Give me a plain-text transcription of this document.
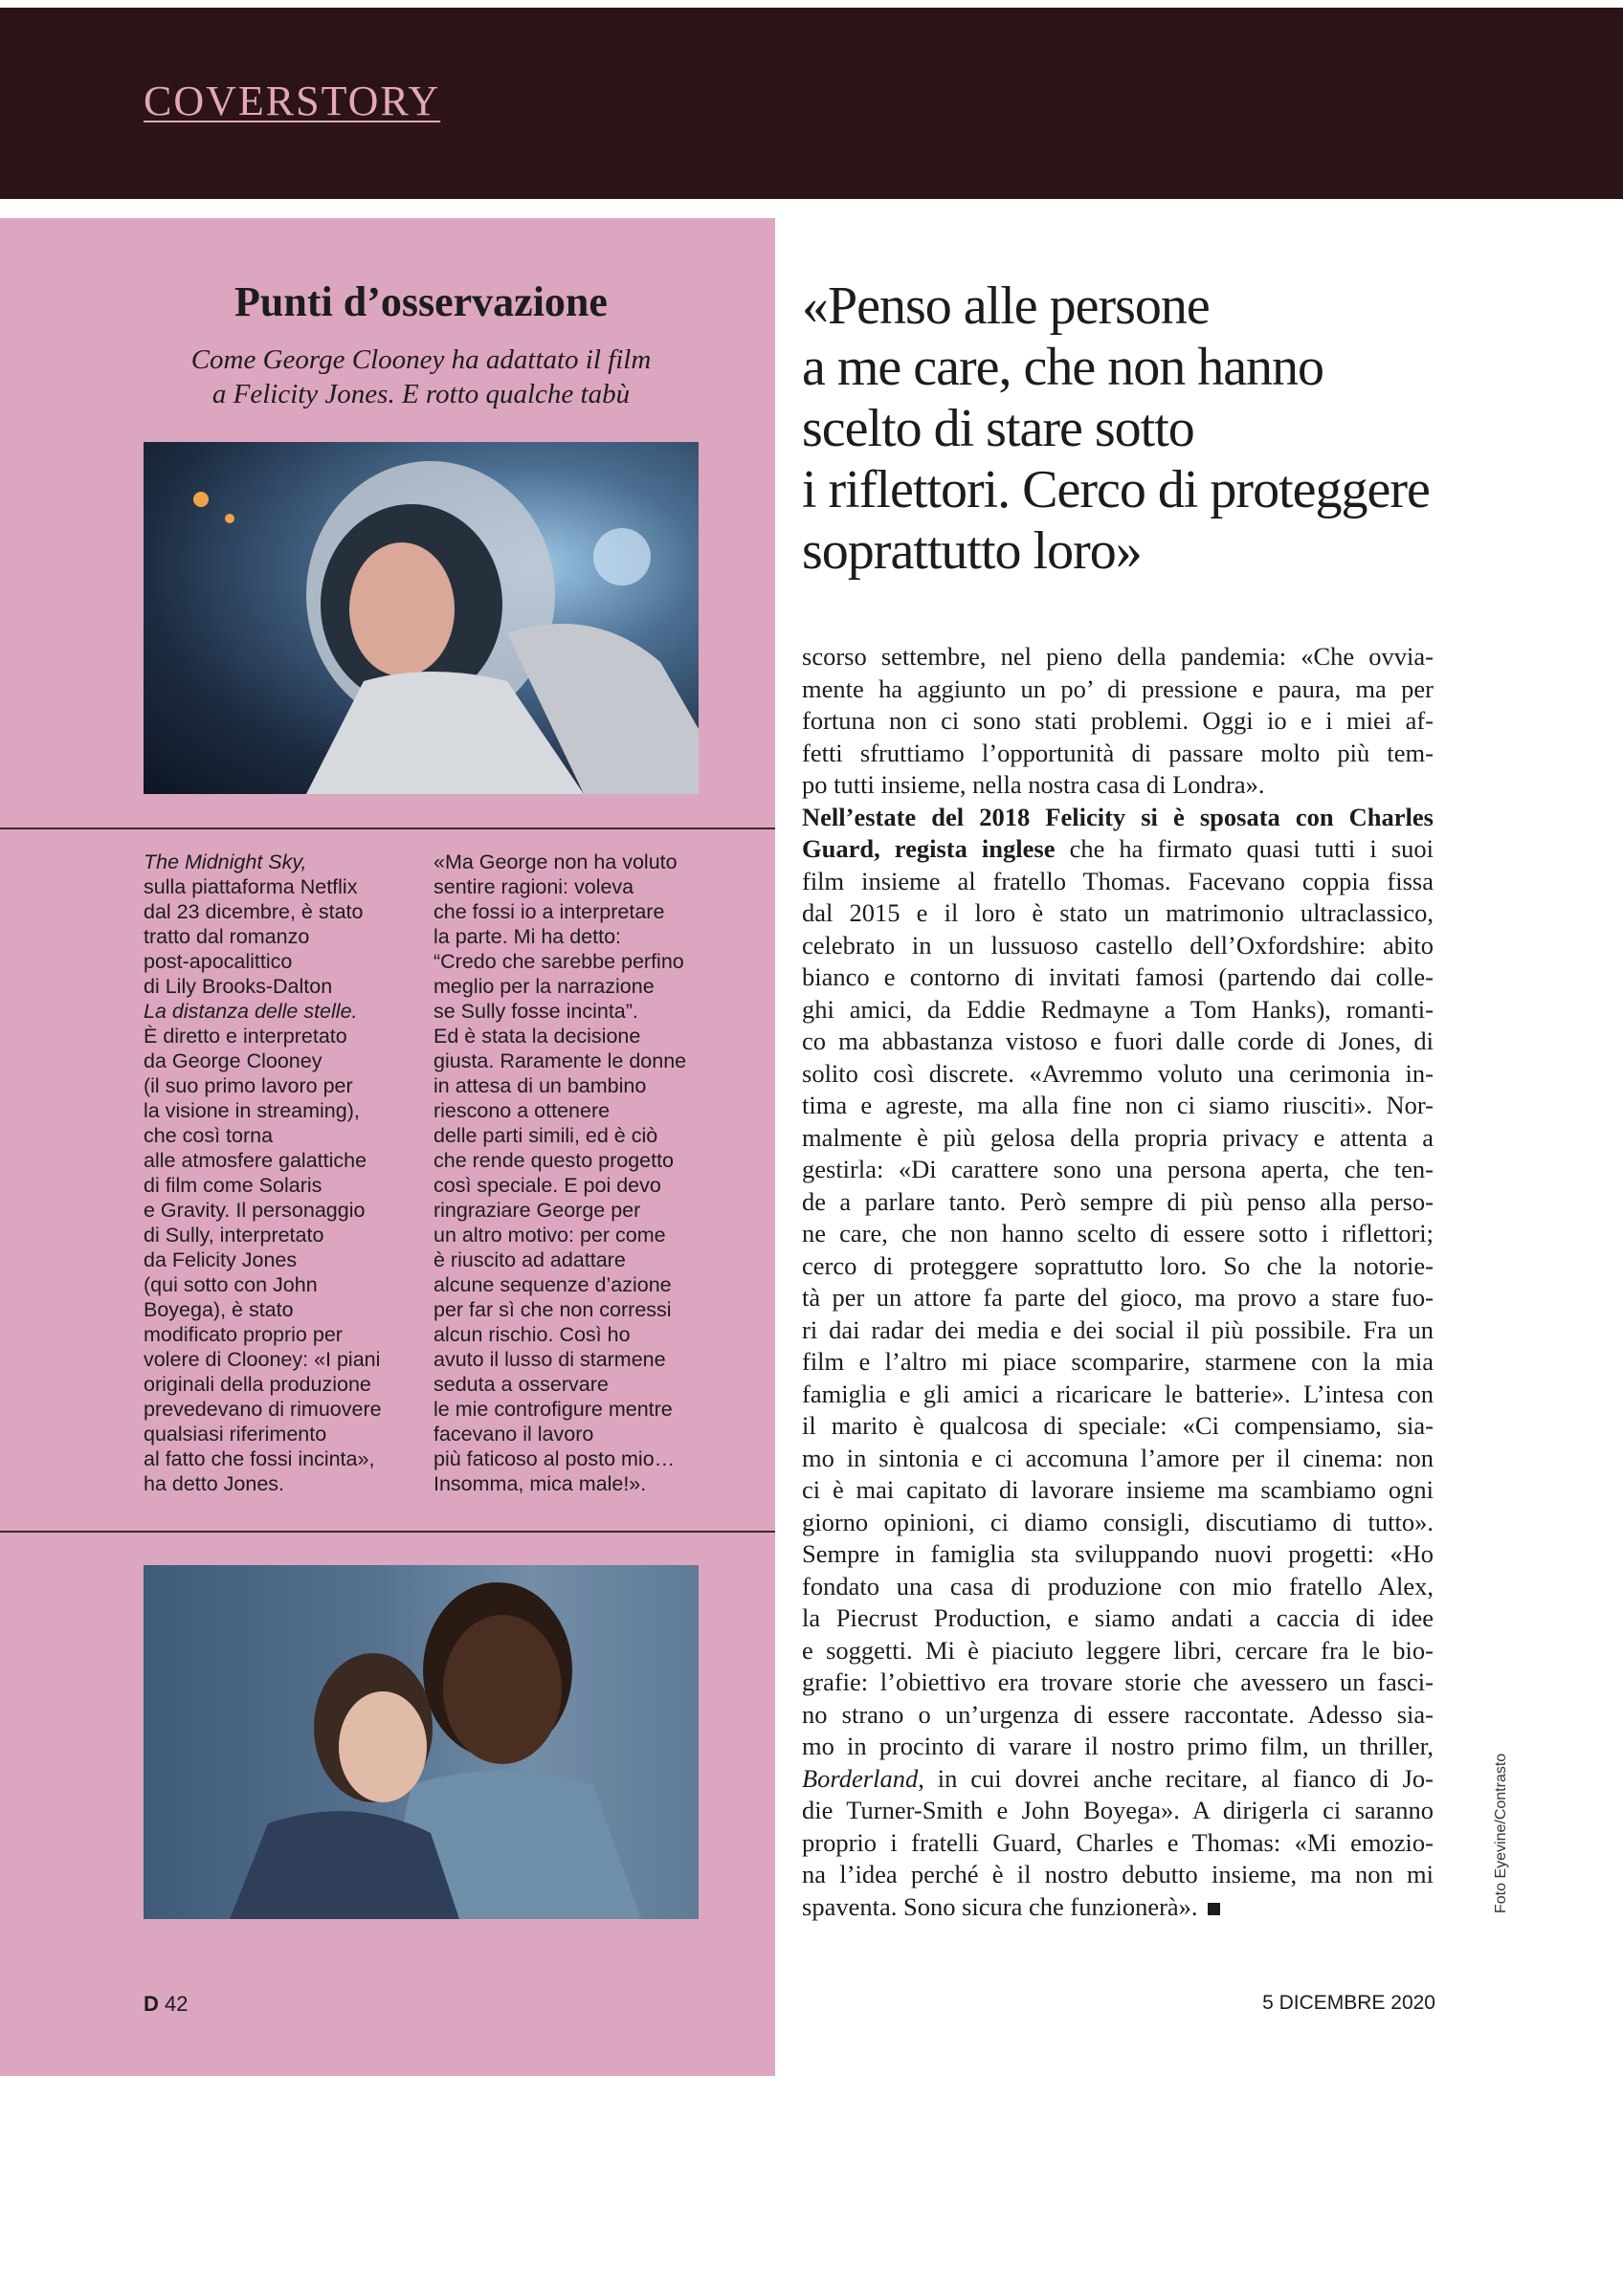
COVERSTORY
Punti d’osservazione
Come George Clooney ha adattato il film
a Felicity Jones. E rotto qualche tabù
The Midnight Sky,
sulla piattaforma Netflix
dal 23 dicembre, è stato
tratto dal romanzo
post-apocalittico
di Lily Brooks-Dalton
La distanza delle stelle.
È diretto e interpretato
da George Clooney
(il suo primo lavoro per
la visione in streaming),
che così torna
alle atmosfere galattiche
di film come Solaris
e Gravity. Il personaggio
di Sully, interpretato
da Felicity Jones
(qui sotto con John
Boyega), è stato
modificato proprio per
volere di Clooney: «I piani
originali della produzione
prevedevano di rimuovere
qualsiasi riferimento
al fatto che fossi incinta»,
ha detto Jones.
«Ma George non ha voluto
sentire ragioni: voleva
che fossi io a interpretare
la parte. Mi ha detto:
“Credo che sarebbe perfino
meglio per la narrazione
se Sully fosse incinta”.
Ed è stata la decisione
giusta. Raramente le donne
in attesa di un bambino
riescono a ottenere
delle parti simili, ed è ciò
che rende questo progetto
così speciale. E poi devo
ringraziare George per
un altro motivo: per come
è riuscito ad adattare
alcune sequenze d’azione
per far sì che non corressi
alcun rischio. Così ho
avuto il lusso di starmene
seduta a osservare
le mie controfigure mentre
facevano il lavoro
più faticoso al posto mio…
Insomma, mica male!».
«Penso alle persone
a me care, che non hanno
scelto di stare sotto
i riflettori. Cerco di proteggere
soprattutto loro»
scorso settembre, nel pieno della pandemia: «Che ovvia-
mente ha aggiunto un po’ di pressione e paura, ma per
fortuna non ci sono stati problemi. Oggi io e i miei af-
fetti sfruttiamo l’opportunità di passare molto più tem-
po tutti insieme, nella nostra casa di Londra».
Nell’estate del 2018 Felicity si è sposata con Charles
Guard, regista inglese che ha firmato quasi tutti i suoi
film insieme al fratello Thomas. Facevano coppia fissa
dal 2015 e il loro è stato un matrimonio ultraclassico,
celebrato in un lussuoso castello dell’Oxfordshire: abito
bianco e contorno di invitati famosi (partendo dai colle-
ghi amici, da Eddie Redmayne a Tom Hanks), romanti-
co ma abbastanza vistoso e fuori dalle corde di Jones, di
solito così discrete. «Avremmo voluto una cerimonia in-
tima e agreste, ma alla fine non ci siamo riusciti». Nor-
malmente è più gelosa della propria privacy e attenta a
gestirla: «Di carattere sono una persona aperta, che ten-
de a parlare tanto. Però sempre di più penso alla perso-
ne care, che non hanno scelto di essere sotto i riflettori;
cerco di proteggere soprattutto loro. So che la notorie-
tà per un attore fa parte del gioco, ma provo a stare fuo-
ri dai radar dei media e dei social il più possibile. Fra un
film e l’altro mi piace scomparire, starmene con la mia
famiglia e gli amici a ricaricare le batterie». L’intesa con
il marito è qualcosa di speciale: «Ci compensiamo, sia-
mo in sintonia e ci accomuna l’amore per il cinema: non
ci è mai capitato di lavorare insieme ma scambiamo ogni
giorno opinioni, ci diamo consigli, discutiamo di tutto».
Sempre in famiglia sta sviluppando nuovi progetti: «Ho
fondato una casa di produzione con mio fratello Alex,
la Piecrust Production, e siamo andati a caccia di idee
e soggetti. Mi è piaciuto leggere libri, cercare fra le bio-
grafie: l’obiettivo era trovare storie che avessero un fasci-
no strano o un’urgenza di essere raccontate. Adesso sia-
mo in procinto di varare il nostro primo film, un thriller,
Borderland, in cui dovrei anche recitare, al fianco di Jo-
die Turner-Smith e John Boyega». A dirigerla ci saranno
proprio i fratelli Guard, Charles e Thomas: «Mi emozio-
na l’idea perché è il nostro debutto insieme, ma non mi
spaventa. Sono sicura che funzionerà».	Foto Eyevine/Contrasto
D 42	5 DICEMBRE 2020
